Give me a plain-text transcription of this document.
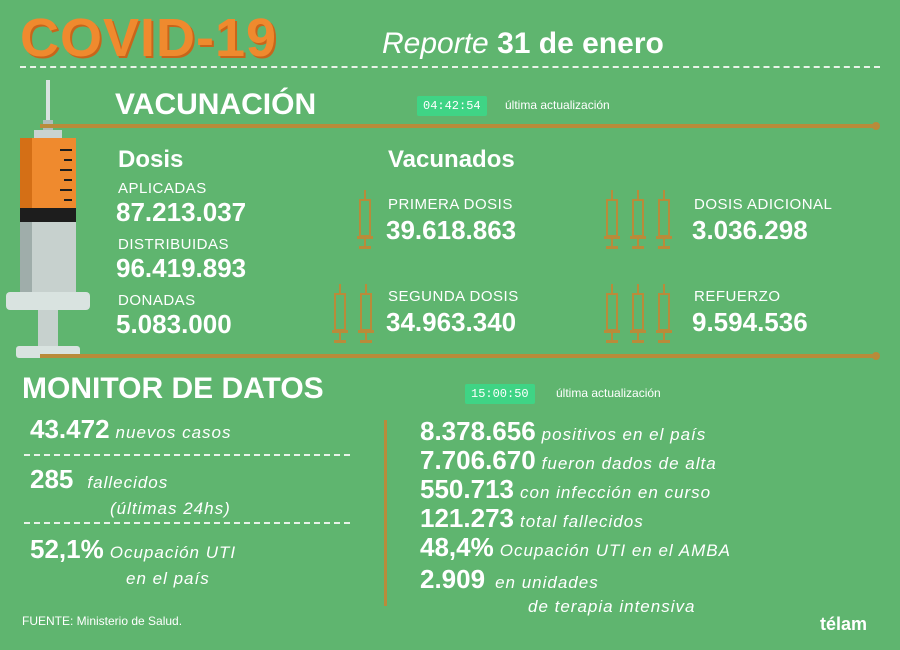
COVID-19	Reporte 31 de enero
VACUNACIÓN	04:42:54	última actualización
Dosis
APLICADAS
87.213.037
DISTRIBUIDAS
96.419.893
DONADAS
5.083.000
Vacunados
PRIMERA DOSIS
39.618.863
SEGUNDA DOSIS
34.963.340
DOSIS ADICIONAL
3.036.298
REFUERZO
9.594.536
MONITOR DE DATOS	15:00:50	última actualización
43.472 nuevos casos
285 fallecidos
(últimas 24hs)
52,1% Ocupación UTI
en el país
8.378.656 positivos en el país
7.706.670 fueron dados de alta
550.713 con infección en curso
121.273 total fallecidos
48,4% Ocupación UTI en el AMBA
2.909 en unidades
de terapia intensiva
FUENTE: Ministerio de Salud.	télam
